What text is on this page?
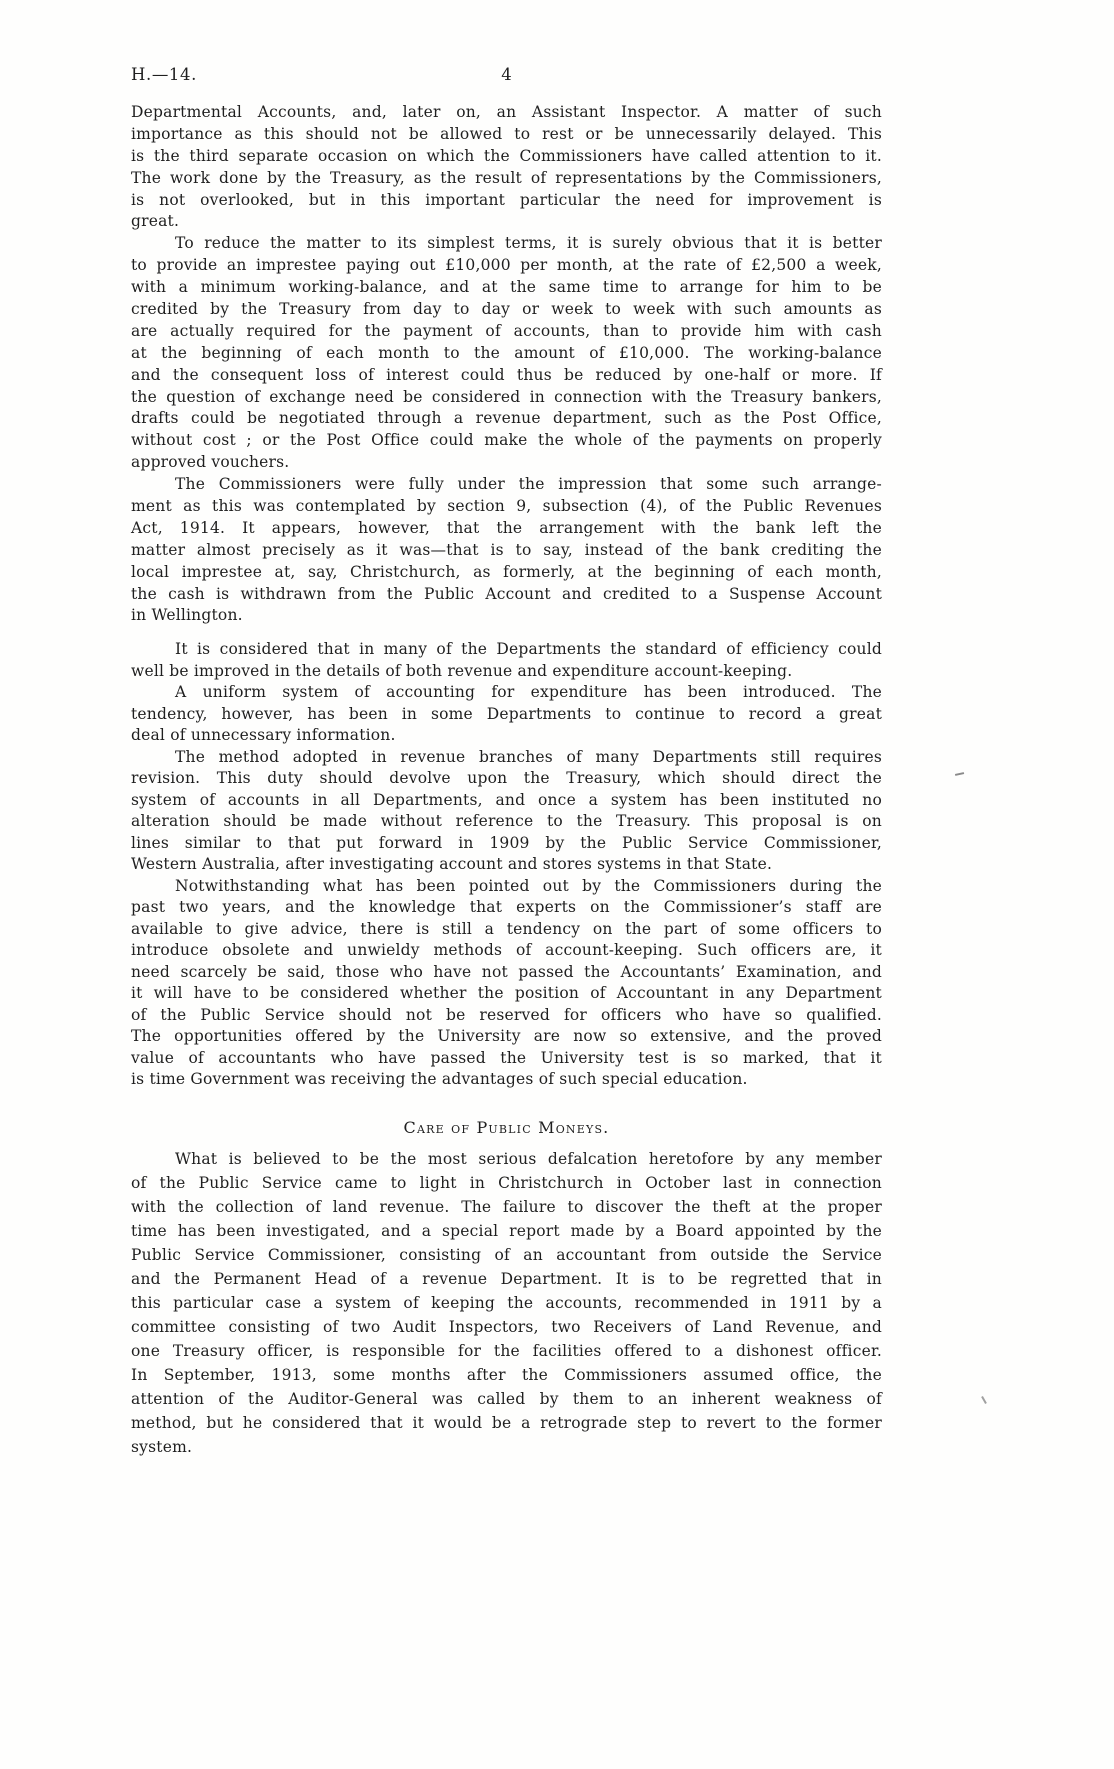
H.—14.	4
Departmental Accounts, and, later on, an Assistant Inspector. A matter of such
importance as this should not be allowed to rest or be unnecessarily delayed. This
is the third separate occasion on which the Commissioners have called attention to it.
The work done by the Treasury, as the result of representations by the Commissioners,
is not overlooked, but in this important particular the need for improvement is
great.
To reduce the matter to its simplest terms, it is surely obvious that it is better
to provide an imprestee paying out £10,000 per month, at the rate of £2,500 a week,
with a minimum working-balance, and at the same time to arrange for him to be
credited by the Treasury from day to day or week to week with such amounts as
are actually required for the payment of accounts, than to provide him with cash
at the beginning of each month to the amount of £10,000. The working-balance
and the consequent loss of interest could thus be reduced by one-half or more. If
the question of exchange need be considered in connection with the Treasury bankers,
drafts could be negotiated through a revenue department, such as the Post Office,
without cost ; or the Post Office could make the whole of the payments on properly
approved vouchers.
The Commissioners were fully under the impression that some such arrange-
ment as this was contemplated by section 9, subsection (4), of the Public Revenues
Act, 1914. It appears, however, that the arrangement with the bank left the
matter almost precisely as it was—that is to say, instead of the bank crediting the
local imprestee at, say, Christchurch, as formerly, at the beginning of each month,
the cash is withdrawn from the Public Account and credited to a Suspense Account
in Wellington.
It is considered that in many of the Departments the standard of efficiency could
well be improved in the details of both revenue and expenditure account-keeping.
A uniform system of accounting for expenditure has been introduced. The
tendency, however, has been in some Departments to continue to record a great
deal of unnecessary information.
The method adopted in revenue branches of many Departments still requires
revision. This duty should devolve upon the Treasury, which should direct the
system of accounts in all Departments, and once a system has been instituted no
alteration should be made without reference to the Treasury. This proposal is on
lines similar to that put forward in 1909 by the Public Service Commissioner,
Western Australia, after investigating account and stores systems in that State.
Notwithstanding what has been pointed out by the Commissioners during the
past two years, and the knowledge that experts on the Commissioner’s staff are
available to give advice, there is still a tendency on the part of some officers to
introduce obsolete and unwieldy methods of account-keeping. Such officers are, it
need scarcely be said, those who have not passed the Accountants’ Examination, and
it will have to be considered whether the position of Accountant in any Department
of the Public Service should not be reserved for officers who have so qualified.
The opportunities offered by the University are now so extensive, and the proved
value of accountants who have passed the University test is so marked, that it
is time Government was receiving the advantages of such special education.
Care of Public Moneys.
What is believed to be the most serious defalcation heretofore by any member
of the Public Service came to light in Christchurch in October last in connection
with the collection of land revenue. The failure to discover the theft at the proper
time has been investigated, and a special report made by a Board appointed by the
Public Service Commissioner, consisting of an accountant from outside the Service
and the Permanent Head of a revenue Department. It is to be regretted that in
this particular case a system of keeping the accounts, recommended in 1911 by a
committee consisting of two Audit Inspectors, two Receivers of Land Revenue, and
one Treasury officer, is responsible for the facilities offered to a dishonest officer.
In September, 1913, some months after the Commissioners assumed office, the
attention of the Auditor-General was called by them to an inherent weakness of
method, but he considered that it would be a retrograde step to revert to the former
system.
